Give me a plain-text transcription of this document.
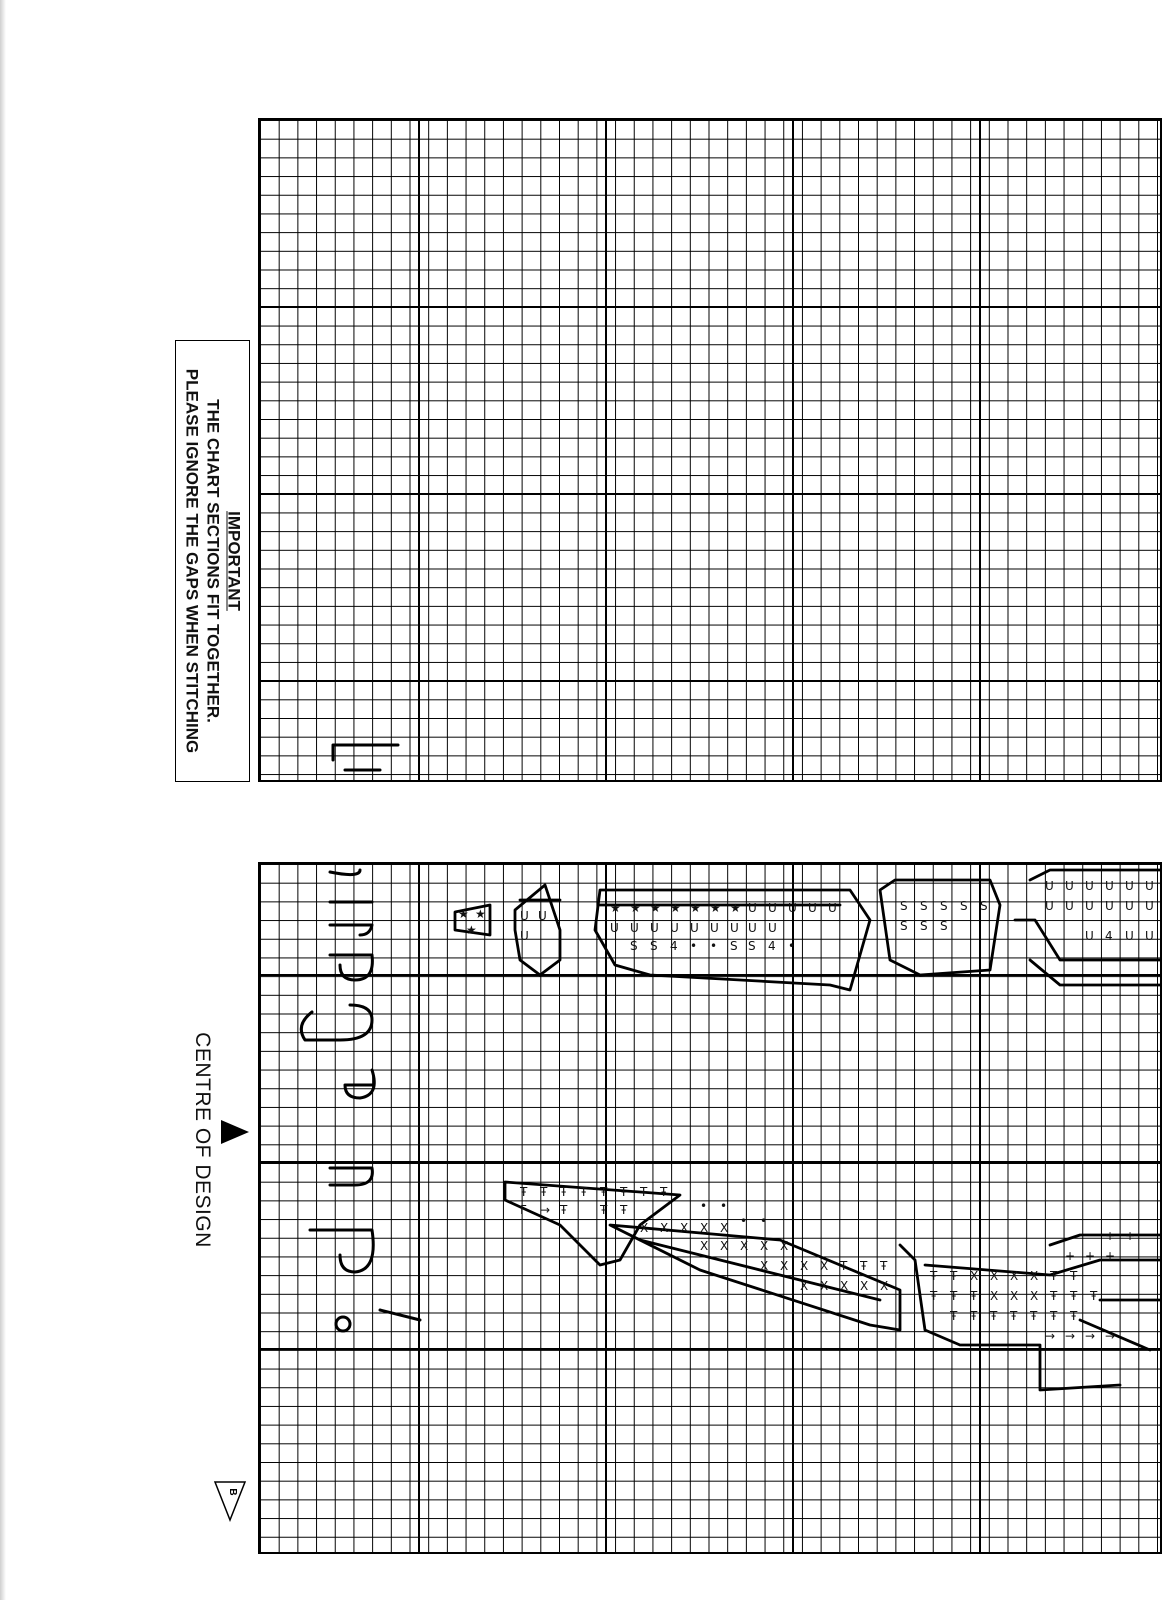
IMPORTANT
THE CHART SECTIONS FIT TOGETHER.
PLEASE IGNORE THE GAPS WHEN STITCHING
CENTRE OF DESIGN
B
★ ★
★
U U
U
★ ★ ★ ★ ★ ★ ★ U U U U U
U U U U U U U U U
S S 4 • • S S 4 •
S S S S S
S S S
U U U U U U
U U U U U U
U 4 U U
Ŧ Ŧ Ŧ Ŧ Ŧ Ŧ Ŧ Ŧ
F → Ŧ	Ŧ Ŧ
X X X X X
X X X X X
X X X X Ŧ Ŧ Ŧ
X X X X X
Ŧ Ŧ X X X X Ŧ Ŧ
Ŧ Ŧ Ŧ X X X Ŧ Ŧ Ŧ
Ŧ Ŧ Ŧ Ŧ Ŧ Ŧ Ŧ
+ + +
+ +
→ → → →
• •
• •
